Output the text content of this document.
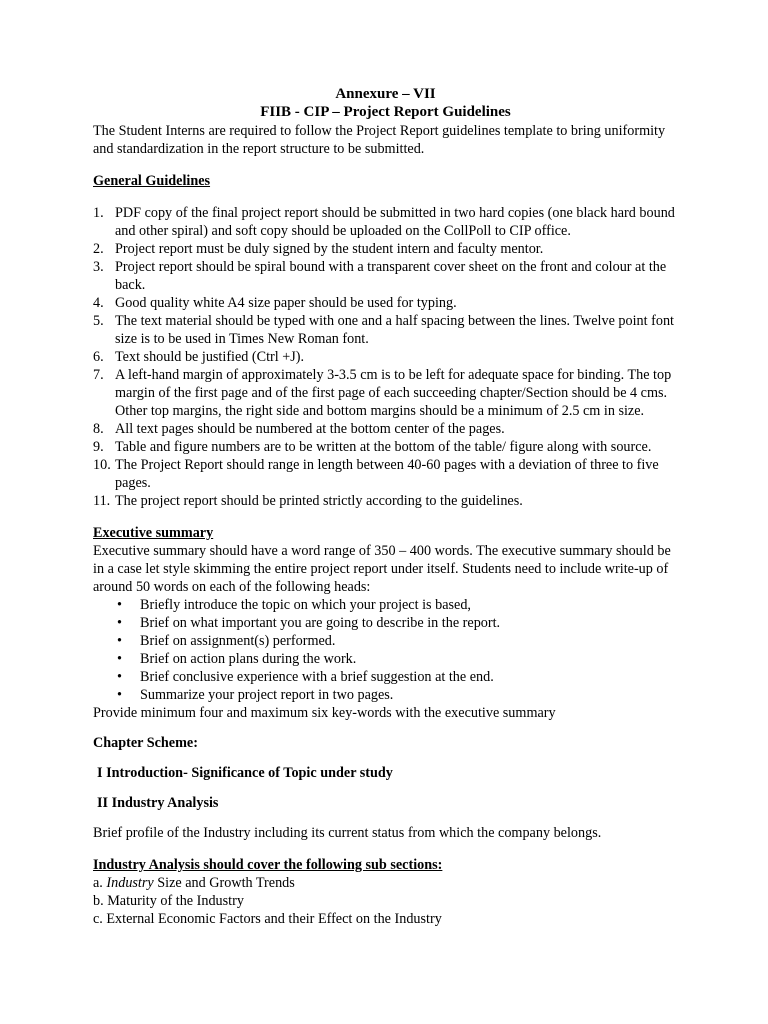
Annexure – VII
FIIB - CIP – Project Report Guidelines

The Student Interns are required to follow the Project Report guidelines template to bring uniformity and standardization in the report structure to be submitted.

General Guidelines

1. PDF copy of the final project report should be submitted in two hard copies (one black hard bound and other spiral) and soft copy should be uploaded on the CollPoll to CIP office.
2. Project report must be duly signed by the student intern and faculty mentor.
3. Project report should be spiral bound with a transparent cover sheet on the front and colour at the back.
4. Good quality white A4 size paper should be used for typing.
5. The text material should be typed with one and a half spacing between the lines. Twelve point font size is to be used in Times New Roman font.
6. Text should be justified (Ctrl +J).
7. A left-hand margin of approximately 3-3.5 cm is to be left for adequate space for binding. The top margin of the first page and of the first page of each succeeding chapter/Section should be 4 cms. Other top margins, the right side and bottom margins should be a minimum of 2.5 cm in size.
8. All text pages should be numbered at the bottom center of the pages.
9. Table and figure numbers are to be written at the bottom of the table/ figure along with source.
10. The Project Report should range in length between 40-60 pages with a deviation of three to five pages.
11. The project report should be printed strictly according to the guidelines.

Executive summary

Executive summary should have a word range of 350 – 400 words. The executive summary should be in a case let style skimming the entire project report under itself. Students need to include write-up of around 50 words on each of the following heads:

• Briefly introduce the topic on which your project is based,
• Brief on what important you are going to describe in the report.
• Brief on assignment(s) performed.
• Brief on action plans during the work.
• Brief conclusive experience with a brief suggestion at the end.
• Summarize your project report in two pages.

Provide minimum four and maximum six key-words with the executive summary

Chapter Scheme:

I Introduction- Significance of Topic under study

II Industry Analysis

Brief profile of the Industry including its current status from which the company belongs.

Industry Analysis should cover the following sub sections:

a. Industry Size and Growth Trends

b. Maturity of the Industry

c. External Economic Factors and their Effect on the Industry
